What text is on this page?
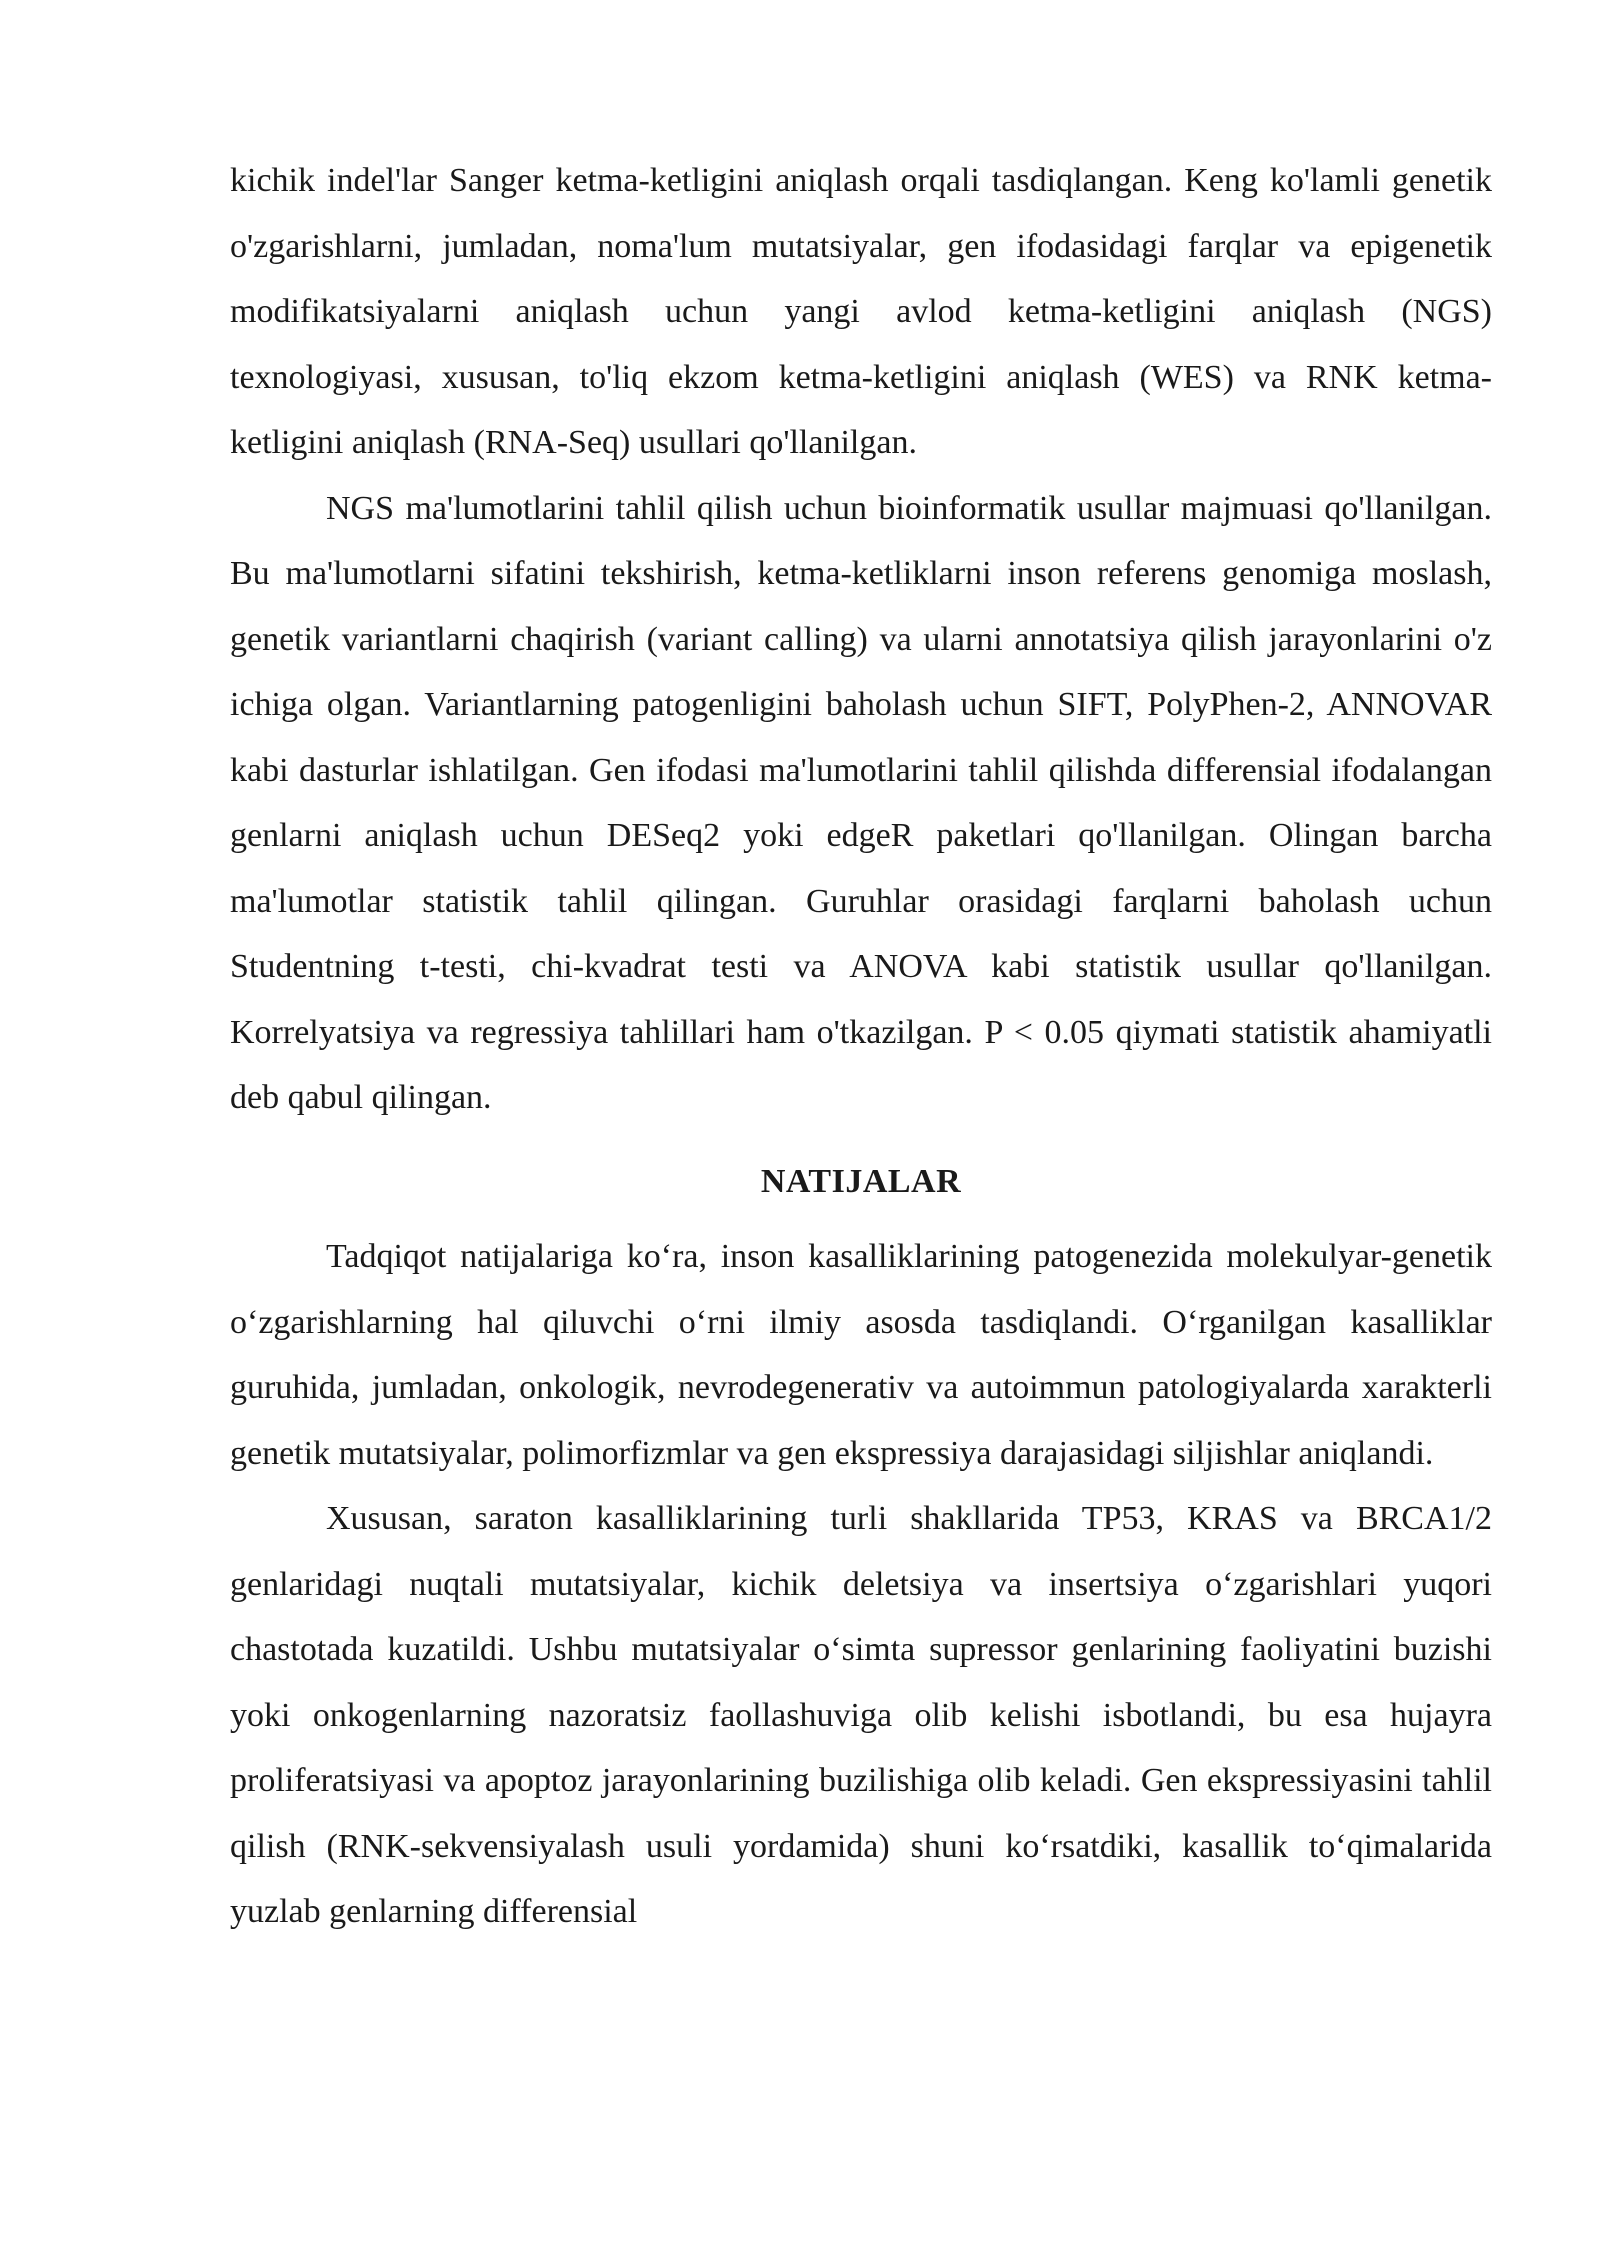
kichik indel'lar Sanger ketma-ketligini aniqlash orqali tasdiqlangan. Keng ko'lamli genetik o'zgarishlarni, jumladan, noma'lum mutatsiyalar, gen ifodasidagi farqlar va epigenetik modifikatsiyalarni aniqlash uchun yangi avlod ketma-ketligini aniqlash (NGS) texnologiyasi, xususan, to'liq ekzom ketma-ketligini aniqlash (WES) va RNK ketma-ketligini aniqlash (RNA-Seq) usullari qo'llanilgan.

NGS ma'lumotlarini tahlil qilish uchun bioinformatik usullar majmuasi qo'llanilgan. Bu ma'lumotlarni sifatini tekshirish, ketma-ketliklarni inson referens genomiga moslash, genetik variantlarni chaqirish (variant calling) va ularni annotatsiya qilish jarayonlarini o'z ichiga olgan. Variantlarning patogenligini baholash uchun SIFT, PolyPhen-2, ANNOVAR kabi dasturlar ishlatilgan. Gen ifodasi ma'lumotlarini tahlil qilishda differensial ifodalangan genlarni aniqlash uchun DESeq2 yoki edgeR paketlari qo'llanilgan. Olingan barcha ma'lumotlar statistik tahlil qilingan. Guruhlar orasidagi farqlarni baholash uchun Studentning t-testi, chi-kvadrat testi va ANOVA kabi statistik usullar qo'llanilgan. Korrelyatsiya va regressiya tahlillari ham o'tkazilgan. P < 0.05 qiymati statistik ahamiyatli deb qabul qilingan.

NATIJALAR

Tadqiqot natijalariga ko‘ra, inson kasalliklarining patogenezida molekulyar-genetik o‘zgarishlarning hal qiluvchi o‘rni ilmiy asosda tasdiqlandi. O‘rganilgan kasalliklar guruhida, jumladan, onkologik, nevrodegenerativ va autoimmun patologiyalarda xarakterli genetik mutatsiyalar, polimorfizmlar va gen ekspressiya darajasidagi siljishlar aniqlandi.

Xususan, saraton kasalliklarining turli shakllarida TP53, KRAS va BRCA1/2 genlaridagi nuqtali mutatsiyalar, kichik deletsiya va insertsiya o‘zgarishlari yuqori chastotada kuzatildi. Ushbu mutatsiyalar o‘simta supressor genlarining faoliyatini buzishi yoki onkogenlarning nazoratsiz faollashuviga olib kelishi isbotlandi, bu esa hujayra proliferatsiyasi va apoptoz jarayonlarining buzilishiga olib keladi. Gen ekspressiyasini tahlil qilish (RNK-sekvensiyalash usuli yordamida) shuni ko‘rsatdiki, kasallik to‘qimalarida yuzlab genlarning differensial
